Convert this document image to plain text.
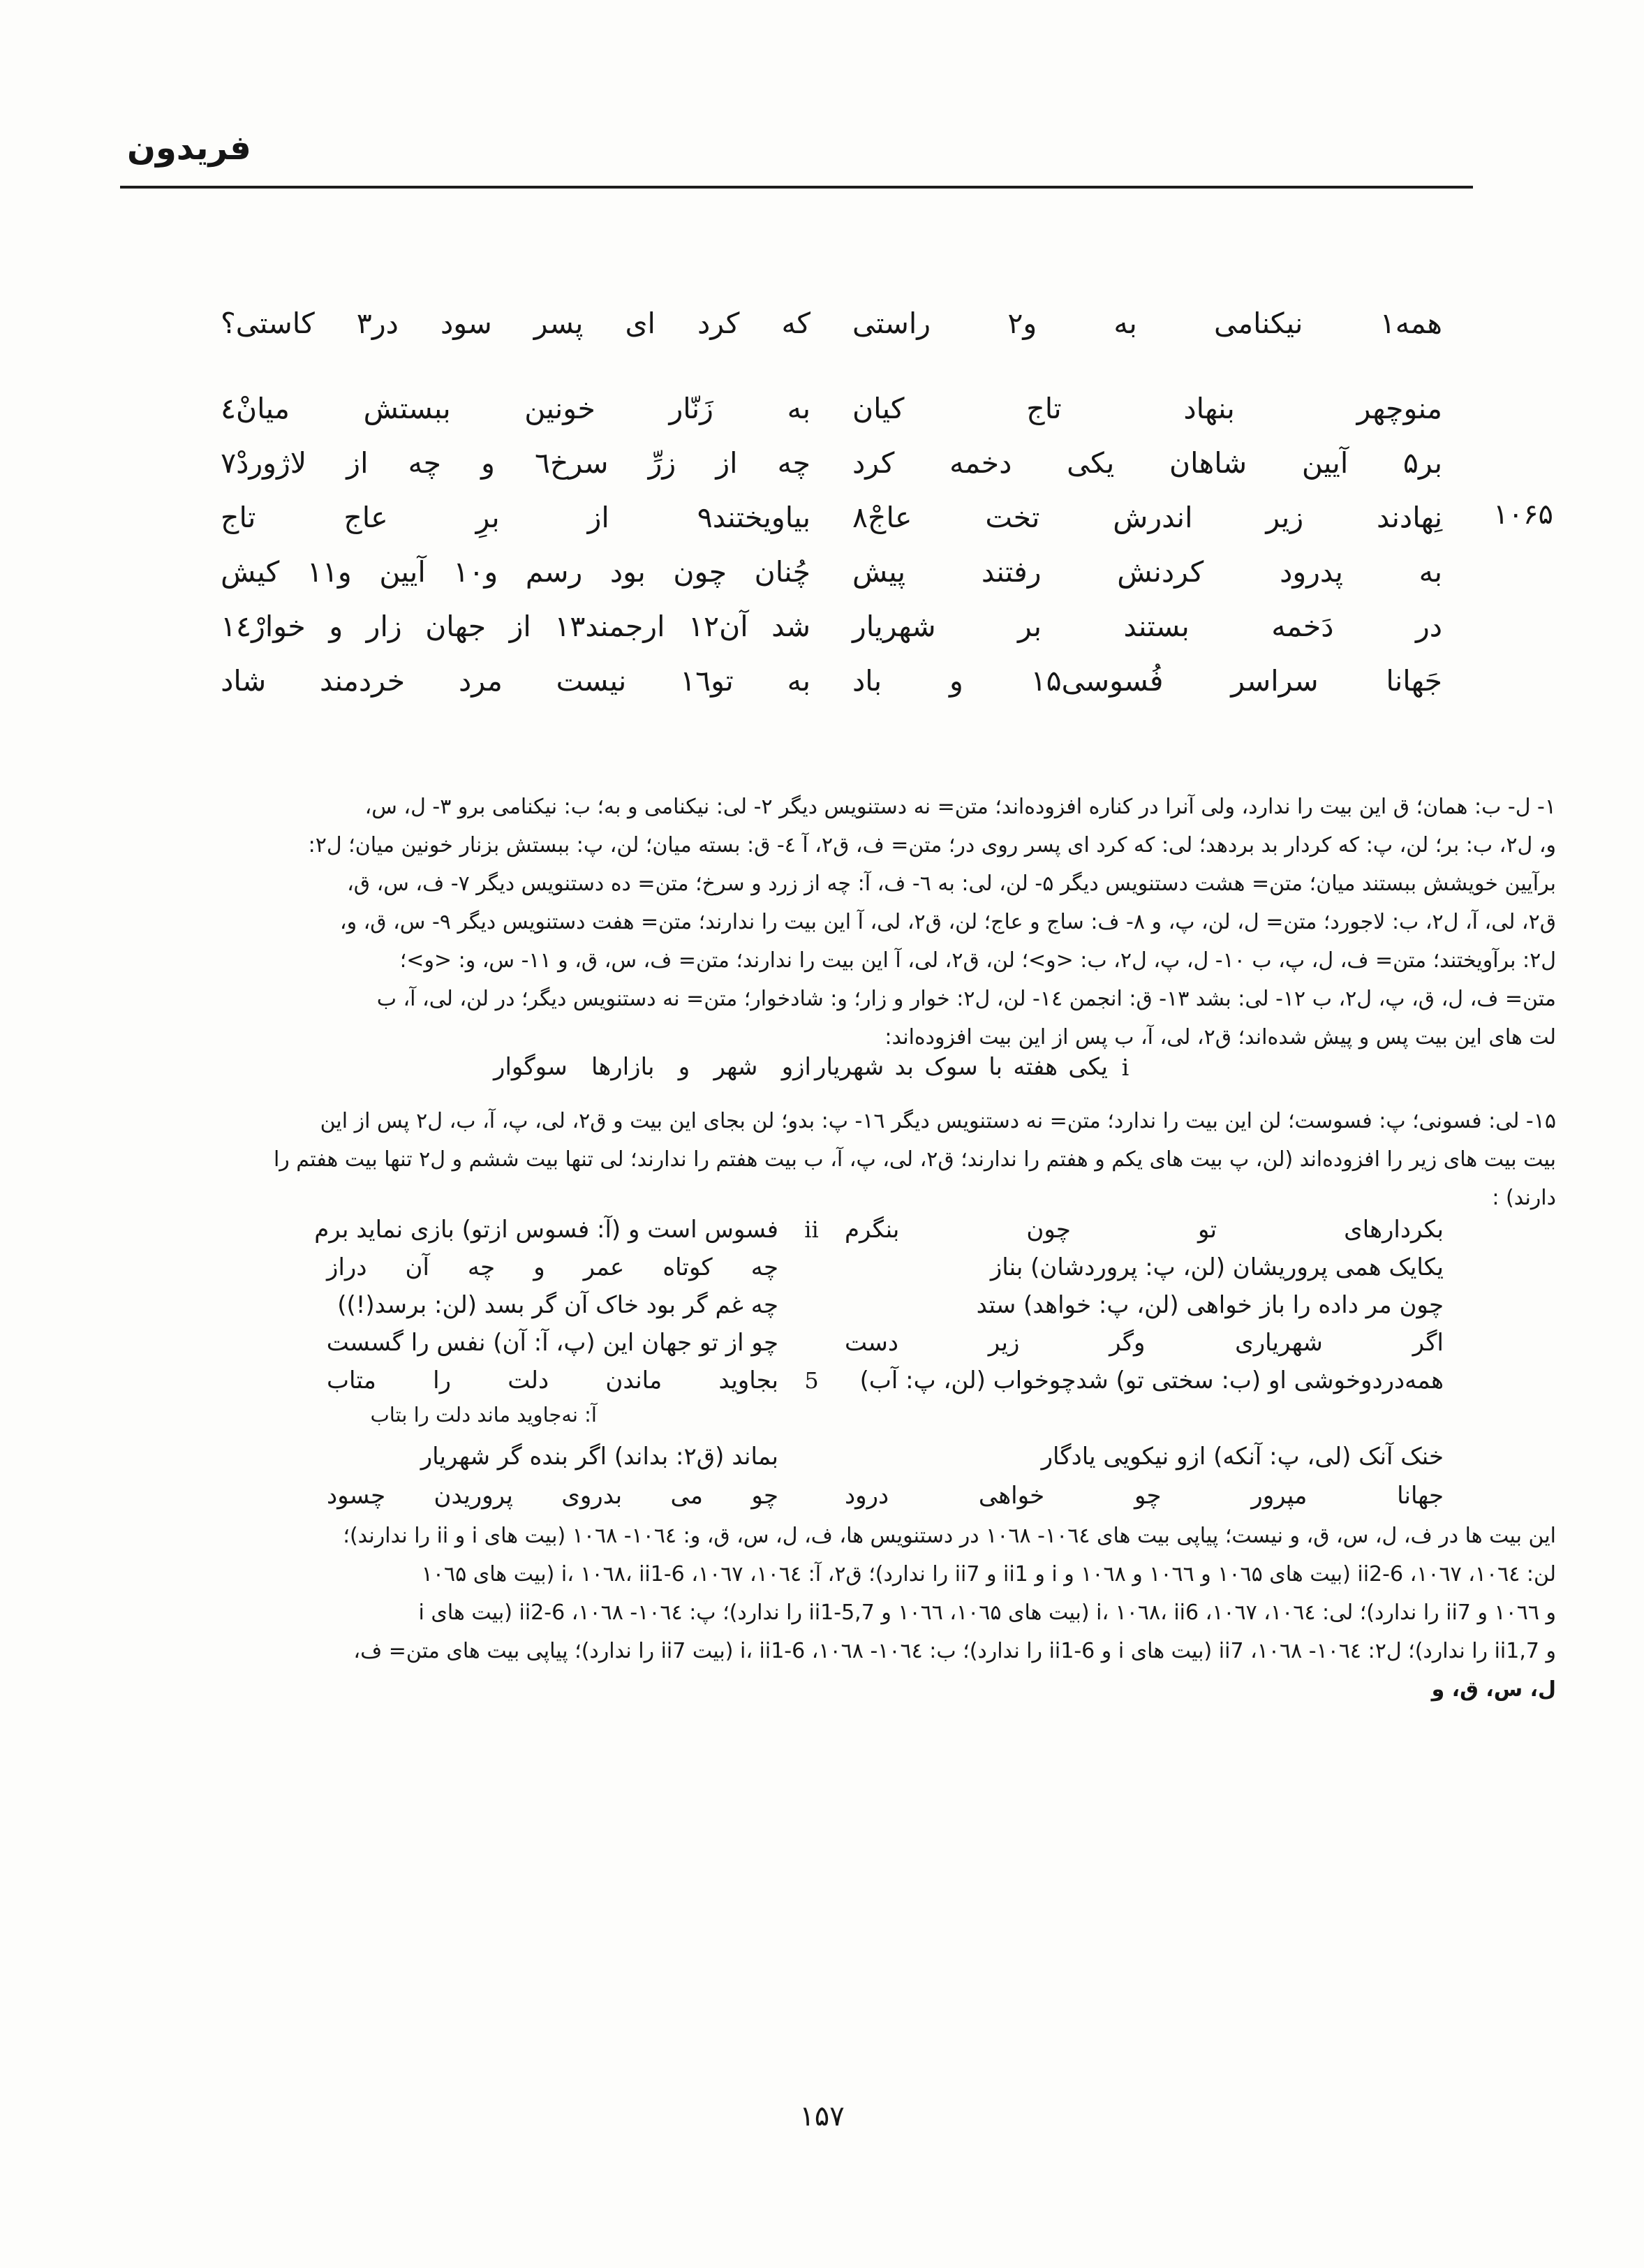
فریدون
همه‌۱
نیکنامی
به
و۲
راستی
که
کرد
ای
پسر
سود
در۳
کاستی؟
منوچهر
بنهاد
تاج
کیان
به
زَنّار
خونین
ببستش
میانْ٤
بر۵
آیین
شاهان
یکی
دخمه
کرد
چه
از
زرِّ
سرخ‌٦
و
چه
از
لاژوردْ۷
نِهادند
زیر
اندرش
تخت
عاجْ۸
بیاویختند۹
از
برِ
عاج
تاج
به
پدرود
کردنش
رفتند
پیش
چُنان
چون
بود
رسم
و۱۰
آیین
و۱۱
کیش
در
دَخمه
بستند
بر
شهریار
شد
آن‌۱۲
ارجمند۱۳
از
جهان
زار
و
خوارْ۱٤
جَهانا
سراسر
فُسوسی‌۱۵
و
باد
به
تو۱٦
نیست
مرد
خردمند
شاد
۱۰۶۵
۱- ل- ب: همان؛ ق این بیت را ندارد، ولی آنرا در کناره افزوده‌اند؛ متن= نه دستنویس دیگر ۲- لی: نیکنامی و به؛ ب: نیکنامی برو ۳- ل، س،
و، ل۲، ب: بر؛ لن، پ: که کردار بد بردهد؛ لی: که کرد ای پسر روی در؛ متن= ف، ق۲، آ ٤- ق: بسته میان؛ لن، پ: ببستش بزنار خونین میان؛ ل۲:
برآیین خویشش ببستند میان؛ متن= هشت دستنویس دیگر ۵- لن، لی: به ٦- ف، آ: چه از زرد و سرخ؛ متن= ده دستنویس دیگر ۷- ف، س، ق،
ق۲، لی، آ، ل۲، ب: لاجورد؛ متن= ل، لن، پ، و ۸- ف: ساج و عاج؛ لن، ق۲، لی، آ این بیت را ندارند؛ متن= هفت دستنویس دیگر ۹- س، ق، و،
ل۲: برآویختند؛ متن= ف، ل، پ، ب ۱۰- ل، پ، ل۲، ب: <و>؛ لن، ق۲، لی، آ این بیت را ندارند؛ متن= ف، س، ق، و ۱۱- س، و: <و>؛
متن= ف، ل، ق، پ، ل۲، ب ۱۲- لی: بشد ۱۳- ق: انجمن ۱٤- لن، ل۲: خوار و زار؛ و: شادخوار؛ متن= نه دستنویس دیگر؛ در لن، لی، آ، ب
لت های این بیت پس و پیش شده‌اند؛ ق۲، لی، آ، ب پس از این بیت افزوده‌اند:
i
یکی
هفته
با
سوک
بد
شهریار
ازو
شهر
و
بازارها
سوگوار
۱۵- لی: فسونی؛ پ: فسوست؛ لن این بیت را ندارد؛ متن= نه دستنویس دیگر ۱٦- پ: بدو؛ لن بجای این بیت و ق۲، لی، پ، آ، ب، ل۲ پس از این
بیت بیت های زیر را افزوده‌اند (لن، پ بیت های یکم و هفتم را ندارند؛ ق۲، لی، پ، آ، ب بیت هفتم را ندارند؛ لی تنها بیت ششم و ل۲ تنها بیت هفتم را
دارند) :
بکردارهای
تو
چون
بنگرم
ii
فسوس است و (آ: فسوس ازتو) بازی نماید برم
یکایک همی پروریشان (لن، پ: پروردشان) بناز
چه
کوتاه
عمر
و
چه
آن
دراز
چون مر داده را باز خواهی (لن، پ: خواهد) ستد
چه غم گر بود خاک آن گر بسد (لن: برسد(!))
اگر
شهریاری
وگر
زیر
دست
چو از تو جهان این (پ، آ: آن) نفس را گسست
همه‌دردوخوشی او (ب: سختی تو) شدچوخواب (لن، پ: آب)
5
بجاوید
ماندن
دلت
را
متاب
آ: نه‌جاوید ماند دلت را بتاب
خنک آنک (لی، پ: آنکه) ازو نیکویی یادگار
بماند (ق۲: بداند) اگر بنده گر شهریار
جهانا
مپرور
چو
خواهی
درود
چو
می
بدروی
پروریدن
چسود
این بیت ها در ف، ل، س، ق، و نیست؛ پیاپی بیت های ۱۰٦٤- ۱۰٦۸ در دستنویس ها، ف، ل، س، ق، و: ۱۰٦٤- ۱۰٦۸ (بیت های i و ii را ندارند)؛
لن: ۱۰٦٤، ۱۰٦۷، ii2-6 (بیت های ۱۰٦۵ و ۱۰٦٦ و ۱۰٦۸ و i و ii1 و ii7 را ندارد)؛ ق۲، آ: ۱۰٦٤، ۱۰٦۷، i، ۱۰٦۸، ii1-6 (بیت های ۱۰٦۵
و ۱۰٦٦ و ii7 را ندارد)؛ لی: ۱۰٦٤، ۱۰٦۷، i، ۱۰٦۸، ii6 (بیت های ۱۰٦۵، ۱۰٦٦ و ii1-5,7 را ندارد)؛ پ: ۱۰٦٤- ۱۰٦۸، ii2-6 (بیت های i
و ii1,7 را ندارد)؛ ل۲: ۱۰٦٤- ۱۰٦۸، ii7 (بیت های i و ii1-6 را ندارد)؛ ب: ۱۰٦٤- ۱۰٦۸، i، ii1-6 (بیت ii7 را ندارد)؛ پیاپی بیت های متن= ف،
ل، س، ق، و
۱۵۷
